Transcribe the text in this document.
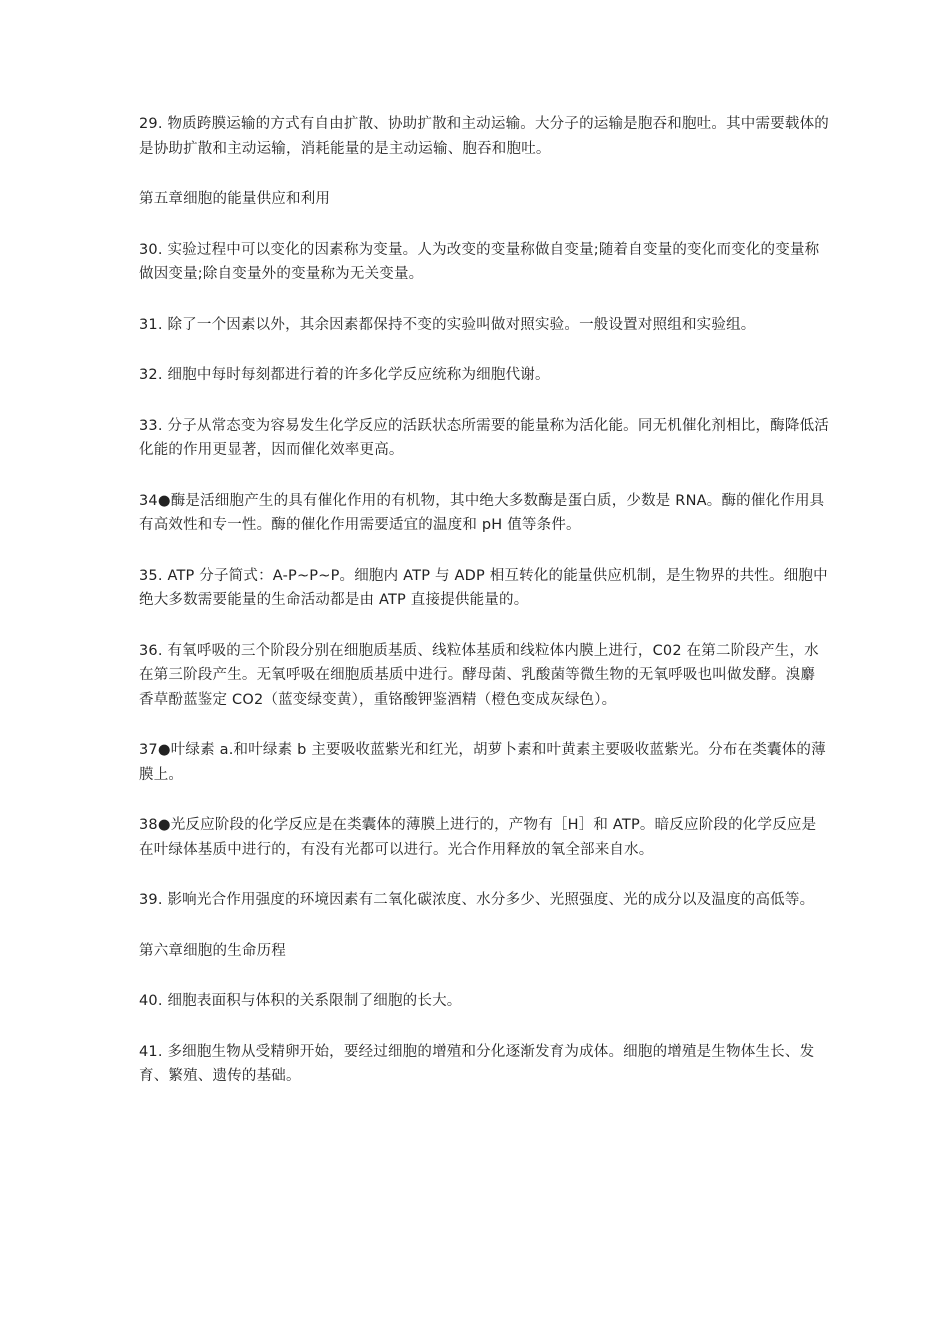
29. 物质跨膜运输的方式有自由扩散、协助扩散和主动运输。大分子的运输是胞吞和胞吐。其中需要载体的是协助扩散和主动运输，消耗能量的是主动运输、胞吞和胞吐。

第五章细胞的能量供应和利用

30. 实验过程中可以变化的因素称为变量。人为改变的变量称做自变量;随着自变量的变化而变化的变量称做因变量;除自变量外的变量称为无关变量。

31. 除了一个因素以外，其余因素都保持不变的实验叫做对照实验。一般设置对照组和实验组。

32. 细胞中每时每刻都进行着的许多化学反应统称为细胞代谢。

33. 分子从常态变为容易发生化学反应的活跃状态所需要的能量称为活化能。同无机催化剂相比，酶降低活化能的作用更显著，因而催化效率更高。

34●酶是活细胞产生的具有催化作用的有机物，其中绝大多数酶是蛋白质，少数是 RNA。酶的催化作用具有高效性和专一性。酶的催化作用需要适宜的温度和 pH 值等条件。

35. ATP 分子简式：A-P~P~P。细胞内 ATP 与 ADP 相互转化的能量供应机制，是生物界的共性。细胞中绝大多数需要能量的生命活动都是由 ATP 直接提供能量的。

36. 有氧呼吸的三个阶段分别在细胞质基质、线粒体基质和线粒体内膜上进行，C02 在第二阶段产生，水在第三阶段产生。无氧呼吸在细胞质基质中进行。酵母菌、乳酸菌等微生物的无氧呼吸也叫做发酵。溴麝香草酚蓝鉴定 CO2（蓝变绿变黄），重铬酸钾鉴酒精（橙色变成灰绿色）。

37●叶绿素 a.和叶绿素 b 主要吸收蓝紫光和红光，胡萝卜素和叶黄素主要吸收蓝紫光。分布在类囊体的薄膜上。

38●光反应阶段的化学反应是在类囊体的薄膜上进行的，产物有［H］和 ATP。暗反应阶段的化学反应是在叶绿体基质中进行的，有没有光都可以进行。光合作用释放的氧全部来自水。

39. 影响光合作用强度的环境因素有二氧化碳浓度、水分多少、光照强度、光的成分以及温度的高低等。

第六章细胞的生命历程

40. 细胞表面积与体积的关系限制了细胞的长大。

41. 多细胞生物从受精卵开始，要经过细胞的增殖和分化逐渐发育为成体。细胞的增殖是生物体生长、发育、繁殖、遗传的基础。
